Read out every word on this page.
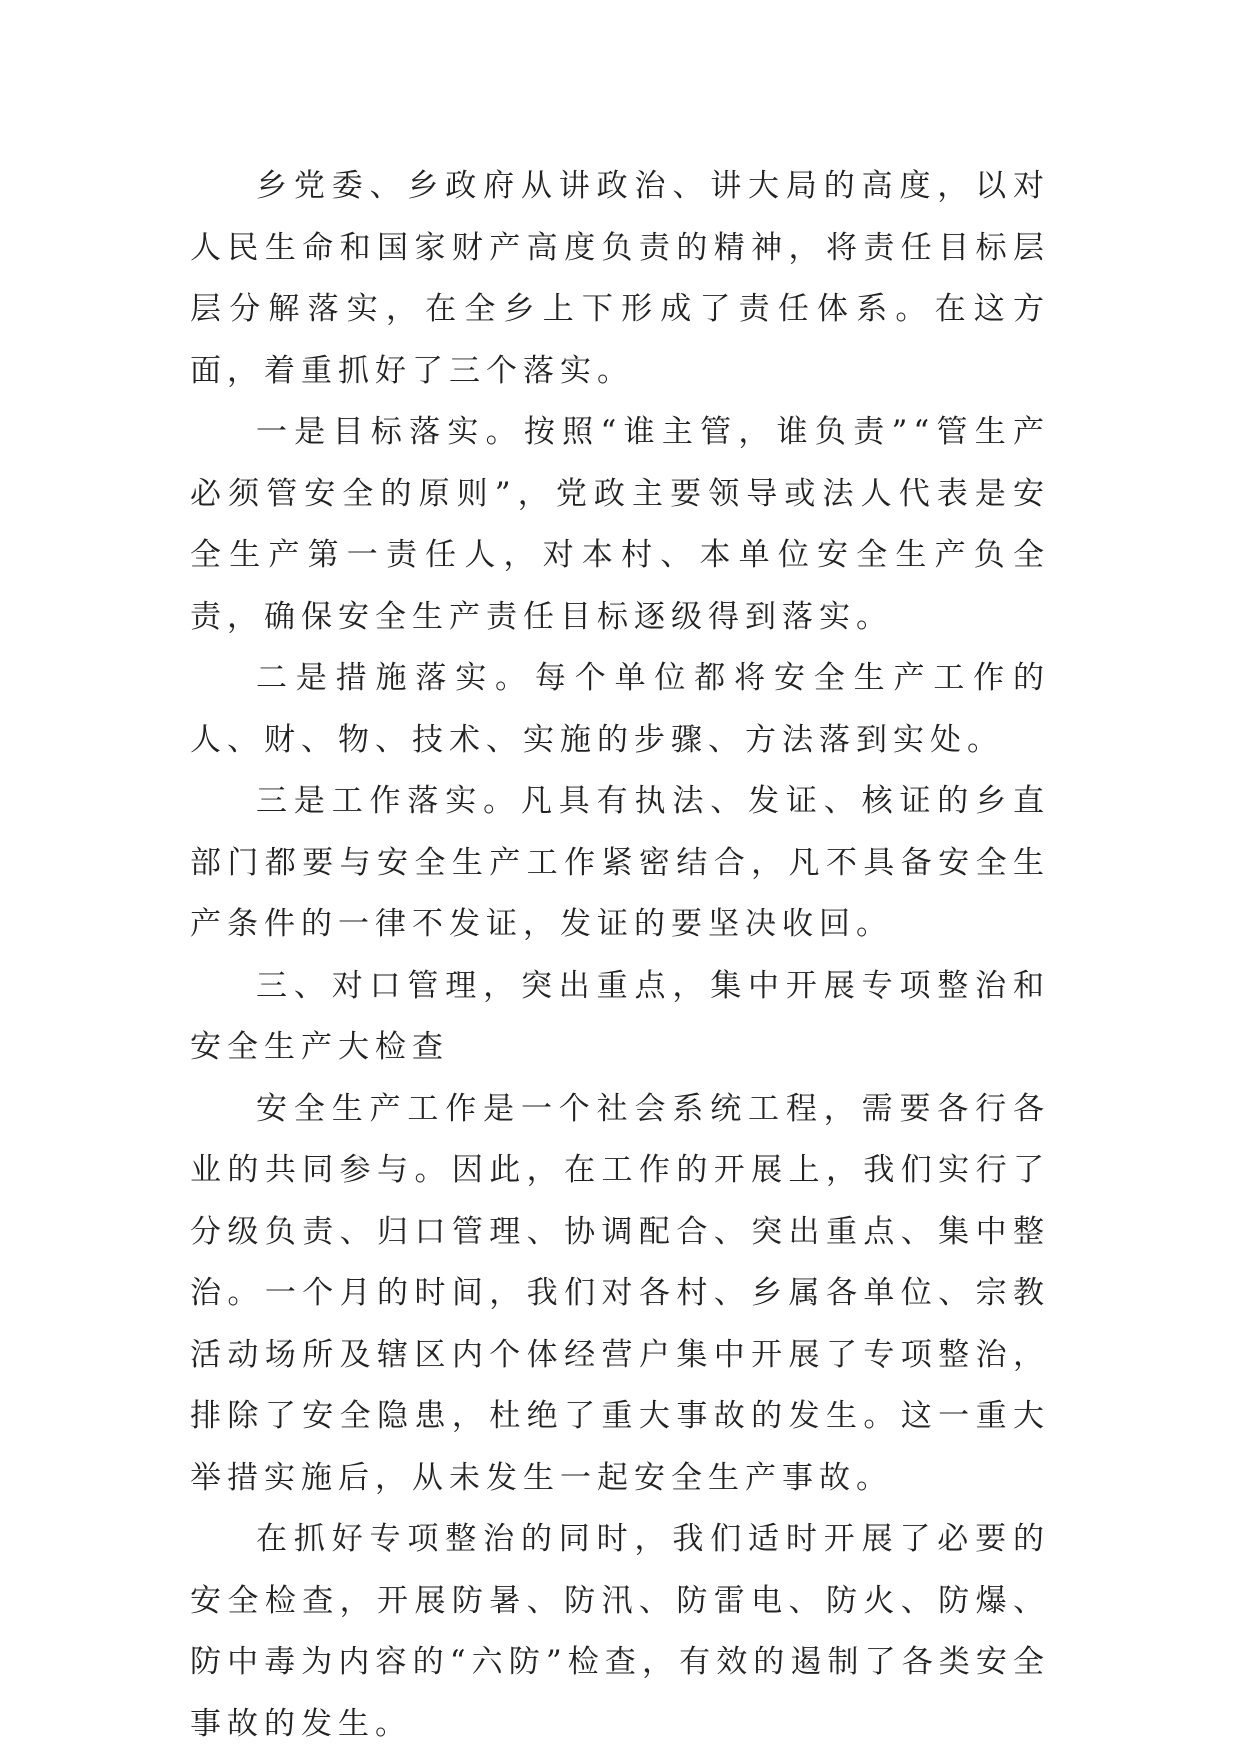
乡党委、乡政府从讲政治、讲大局的高度，以对人民生命和国家财产高度负责的精神，将责任目标层层分解落实，在全乡上下形成了责任体系。在这方面，着重抓好了三个落实。

一是目标落实。按照“谁主管，谁负责”“管生产必须管安全的原则”，党政主要领导或法人代表是安全生产第一责任人，对本村、本单位安全生产负全责，确保安全生产责任目标逐级得到落实。

二是措施落实。每个单位都将安全生产工作的人、财、物、技术、实施的步骤、方法落到实处。

三是工作落实。凡具有执法、发证、核证的乡直部门都要与安全生产工作紧密结合，凡不具备安全生产条件的一律不发证，发证的要坚决收回。

三、对口管理，突出重点，集中开展专项整治和安全生产大检查

安全生产工作是一个社会系统工程，需要各行各业的共同参与。因此，在工作的开展上，我们实行了分级负责、归口管理、协调配合、突出重点、集中整治。一个月的时间，我们对各村、乡属各单位、宗教活动场所及辖区内个体经营户集中开展了专项整治，排除了安全隐患，杜绝了重大事故的发生。这一重大举措实施后，从未发生一起安全生产事故。

在抓好专项整治的同时，我们适时开展了必要的安全检查，开展防暑、防汛、防雷电、防火、防爆、防中毒为内容的“六防”检查，有效的遏制了各类安全事故的发生。
